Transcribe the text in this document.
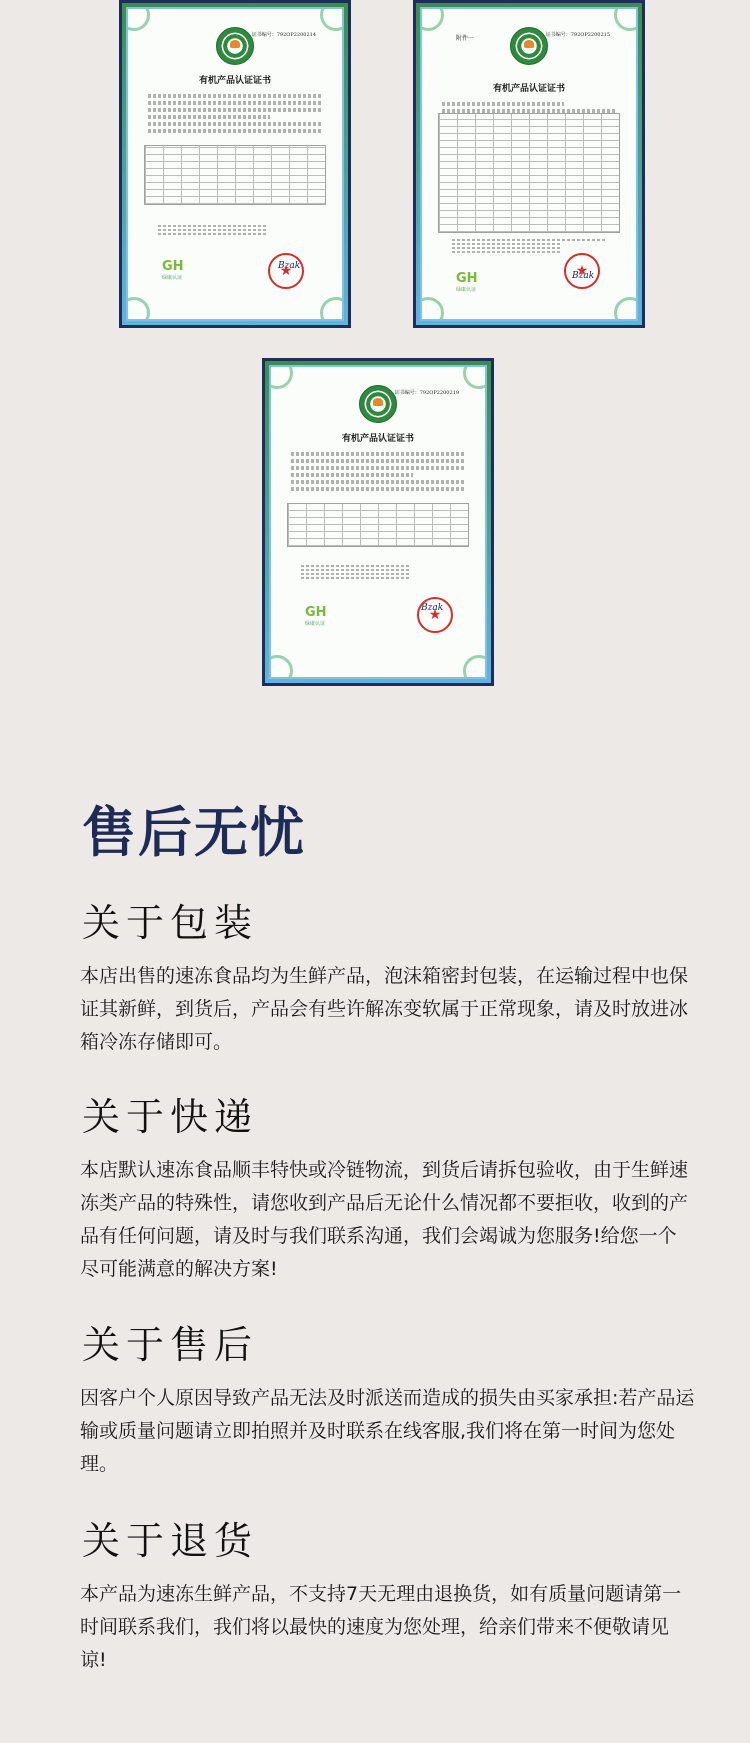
证书编号：792OP2200214
有机产品认证证书
GH
绿康认证
Bzak
★
附件一	证书编号：792OP2200215
有机产品认证证书
GH
绿康认证
Bzak
★
证书编号：792OP2200219
有机产品认证证书
GH
绿康认证
Bzak
★
售后无忧
关于包装

本店出售的速冻食品均为生鲜产品，泡沫箱密封包装，在运输过程中也保证其新鲜，到货后，产品会有些许解冻变软属于正常现象，请及时放进冰箱冷冻存储即可。

关于快递

本店默认速冻食品顺丰特快或冷链物流，到货后请拆包验收，由于生鲜速冻类产品的特殊性，请您收到产品后无论什么情况都不要拒收，收到的产品有任何问题，请及时与我们联系沟通，我们会竭诚为您服务!给您一个尽可能满意的解决方案!

关于售后

因客户个人原因导致产品无法及时派送而造成的损失由买家承担:若产品运输或质量问题请立即拍照并及时联系在线客服,我们将在第一时间为您处理。

关于退货

本产品为速冻生鲜产品，不支持7天无理由退换货，如有质量问题请第一时间联系我们，我们将以最快的速度为您处理，给亲们带来不便敬请见谅!
